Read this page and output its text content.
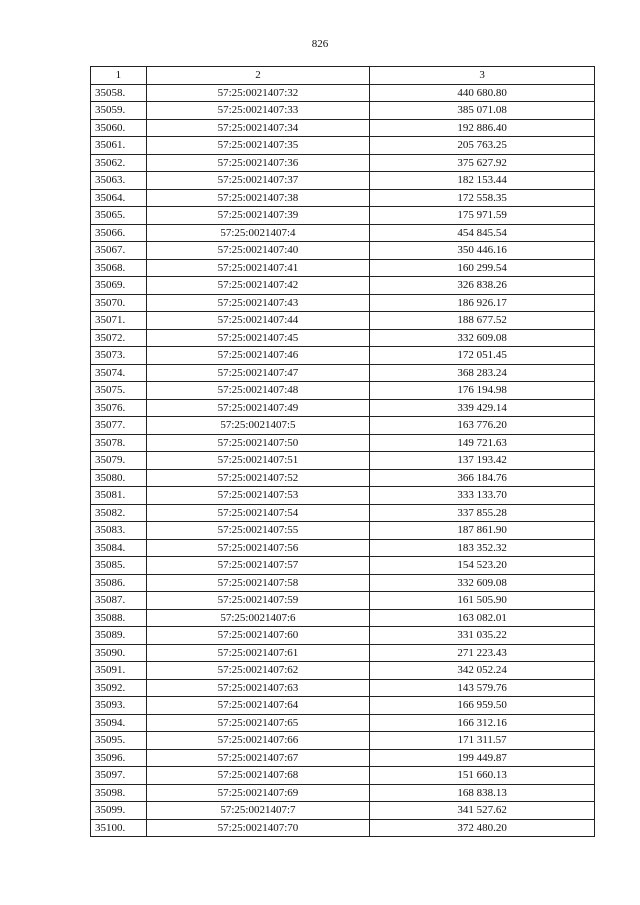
826
1	2	3
35058.	57:25:0021407:32	440 680.80
35059.	57:25:0021407:33	385 071.08
35060.	57:25:0021407:34	192 886.40
35061.	57:25:0021407:35	205 763.25
35062.	57:25:0021407:36	375 627.92
35063.	57:25:0021407:37	182 153.44
35064.	57:25:0021407:38	172 558.35
35065.	57:25:0021407:39	175 971.59
35066.	57:25:0021407:4	454 845.54
35067.	57:25:0021407:40	350 446.16
35068.	57:25:0021407:41	160 299.54
35069.	57:25:0021407:42	326 838.26
35070.	57:25:0021407:43	186 926.17
35071.	57:25:0021407:44	188 677.52
35072.	57:25:0021407:45	332 609.08
35073.	57:25:0021407:46	172 051.45
35074.	57:25:0021407:47	368 283.24
35075.	57:25:0021407:48	176 194.98
35076.	57:25:0021407:49	339 429.14
35077.	57:25:0021407:5	163 776.20
35078.	57:25:0021407:50	149 721.63
35079.	57:25:0021407:51	137 193.42
35080.	57:25:0021407:52	366 184.76
35081.	57:25:0021407:53	333 133.70
35082.	57:25:0021407:54	337 855.28
35083.	57:25:0021407:55	187 861.90
35084.	57:25:0021407:56	183 352.32
35085.	57:25:0021407:57	154 523.20
35086.	57:25:0021407:58	332 609.08
35087.	57:25:0021407:59	161 505.90
35088.	57:25:0021407:6	163 082.01
35089.	57:25:0021407:60	331 035.22
35090.	57:25:0021407:61	271 223.43
35091.	57:25:0021407:62	342 052.24
35092.	57:25:0021407:63	143 579.76
35093.	57:25:0021407:64	166 959.50
35094.	57:25:0021407:65	166 312.16
35095.	57:25:0021407:66	171 311.57
35096.	57:25:0021407:67	199 449.87
35097.	57:25:0021407:68	151 660.13
35098.	57:25:0021407:69	168 838.13
35099.	57:25:0021407:7	341 527.62
35100.	57:25:0021407:70	372 480.20
